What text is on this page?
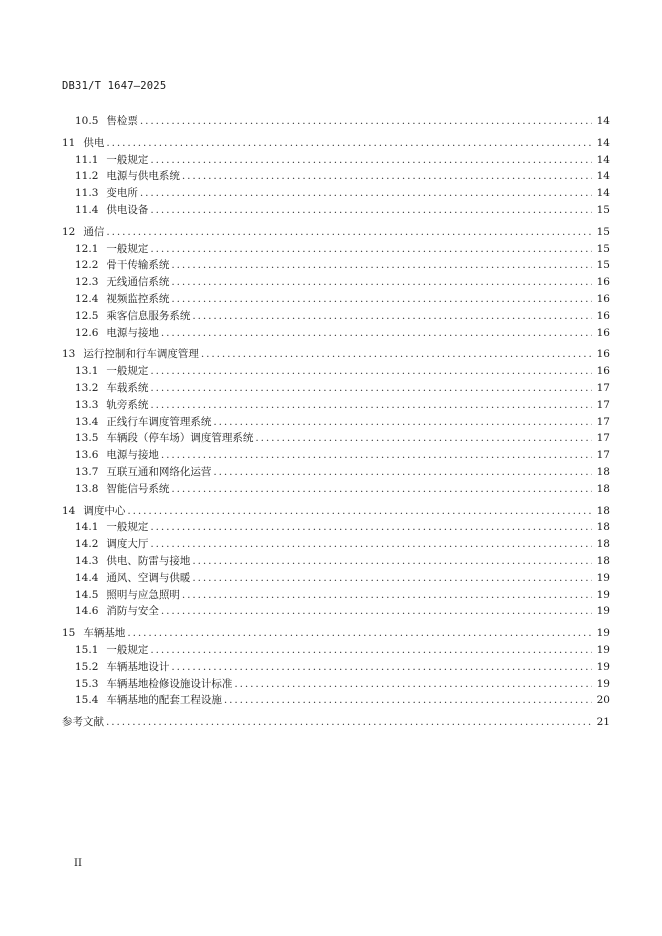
DB31/T 1647—2025
10.5 售检票 .....	14
11 供电 .....	14
11.1 一般规定 .....	14
11.2 电源与供电系统 .....	14
11.3 变电所 .....	14
11.4 供电设备 .....	15
12 通信 .....	15
12.1 一般规定 .....	15
12.2 骨干传输系统 .....	15
12.3 无线通信系统 .....	16
12.4 视频监控系统 .....	16
12.5 乘客信息服务系统 .....	16
12.6 电源与接地 .....	16
13 运行控制和行车调度管理 .....	16
13.1 一般规定 .....	16
13.2 车载系统 .....	17
13.3 轨旁系统 .....	17
13.4 正线行车调度管理系统 .....	17
13.5 车辆段（停车场）调度管理系统 .....	17
13.6 电源与接地 .....	17
13.7 互联互通和网络化运营 .....	18
13.8 智能信号系统 .....	18
14 调度中心 .....	18
14.1 一般规定 .....	18
14.2 调度大厅 .....	18
14.3 供电、防雷与接地 .....	18
14.4 通风、空调与供暖 .....	19
14.5 照明与应急照明 .....	19
14.6 消防与安全 .....	19
15 车辆基地 .....	19
15.1 一般规定 .....	19
15.2 车辆基地设计 .....	19
15.3 车辆基地检修设施设计标准 .....	19
15.4 车辆基地的配套工程设施 .....	20
参考文献 .....	21
II
